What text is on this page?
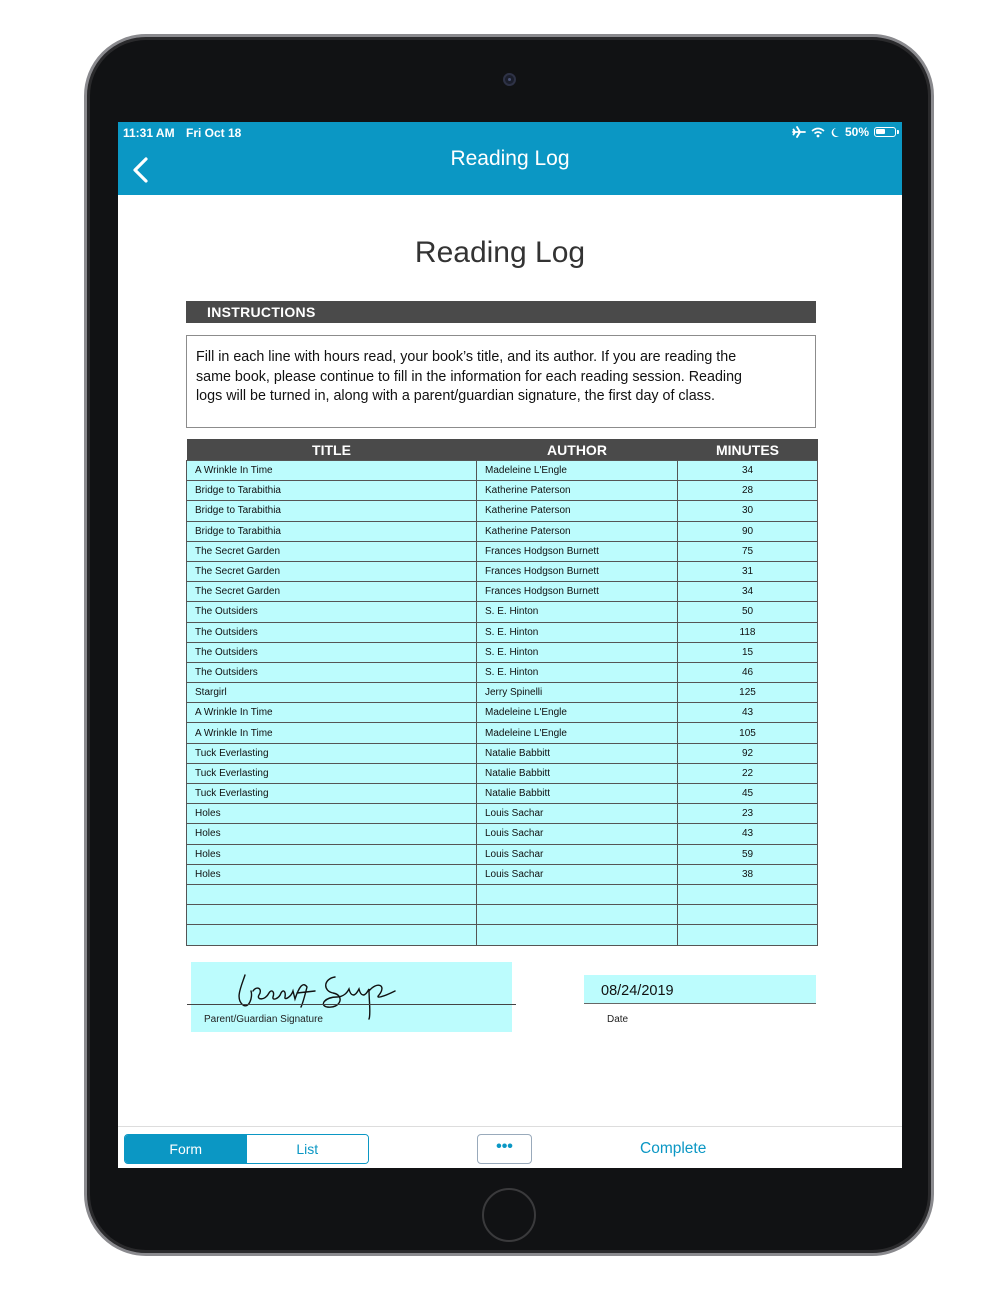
11:31 AM Fri Oct 18	50%
Reading Log
Reading Log
INSTRUCTIONS
Fill in each line with hours read, your book’s title, and its author. If you are reading the
same book, please continue to fill in the information for each reading session. Reading
logs will be turned in, along with a parent/guardian signature, the first day of class.
TITLE	AUTHOR	MINUTES
A Wrinkle In Time	Madeleine L'Engle	34
Bridge to Tarabithia	Katherine Paterson	28
Bridge to Tarabithia	Katherine Paterson	30
Bridge to Tarabithia	Katherine Paterson	90
The Secret Garden	Frances Hodgson Burnett	75
The Secret Garden	Frances Hodgson Burnett	31
The Secret Garden	Frances Hodgson Burnett	34
The Outsiders	S. E. Hinton	50
The Outsiders	S. E. Hinton	118
The Outsiders	S. E. Hinton	15
The Outsiders	S. E. Hinton	46
Stargirl	Jerry Spinelli	125
A Wrinkle In Time	Madeleine L'Engle	43
A Wrinkle In Time	Madeleine L'Engle	105
Tuck Everlasting	Natalie Babbitt	92
Tuck Everlasting	Natalie Babbitt	22
Tuck Everlasting	Natalie Babbitt	45
Holes	Louis Sachar	23
Holes	Louis Sachar	43
Holes	Louis Sachar	59
Holes	Louis Sachar	38

Parent/Guardian Signature
08/24/2019
Date
Form	List	•••	Complete
